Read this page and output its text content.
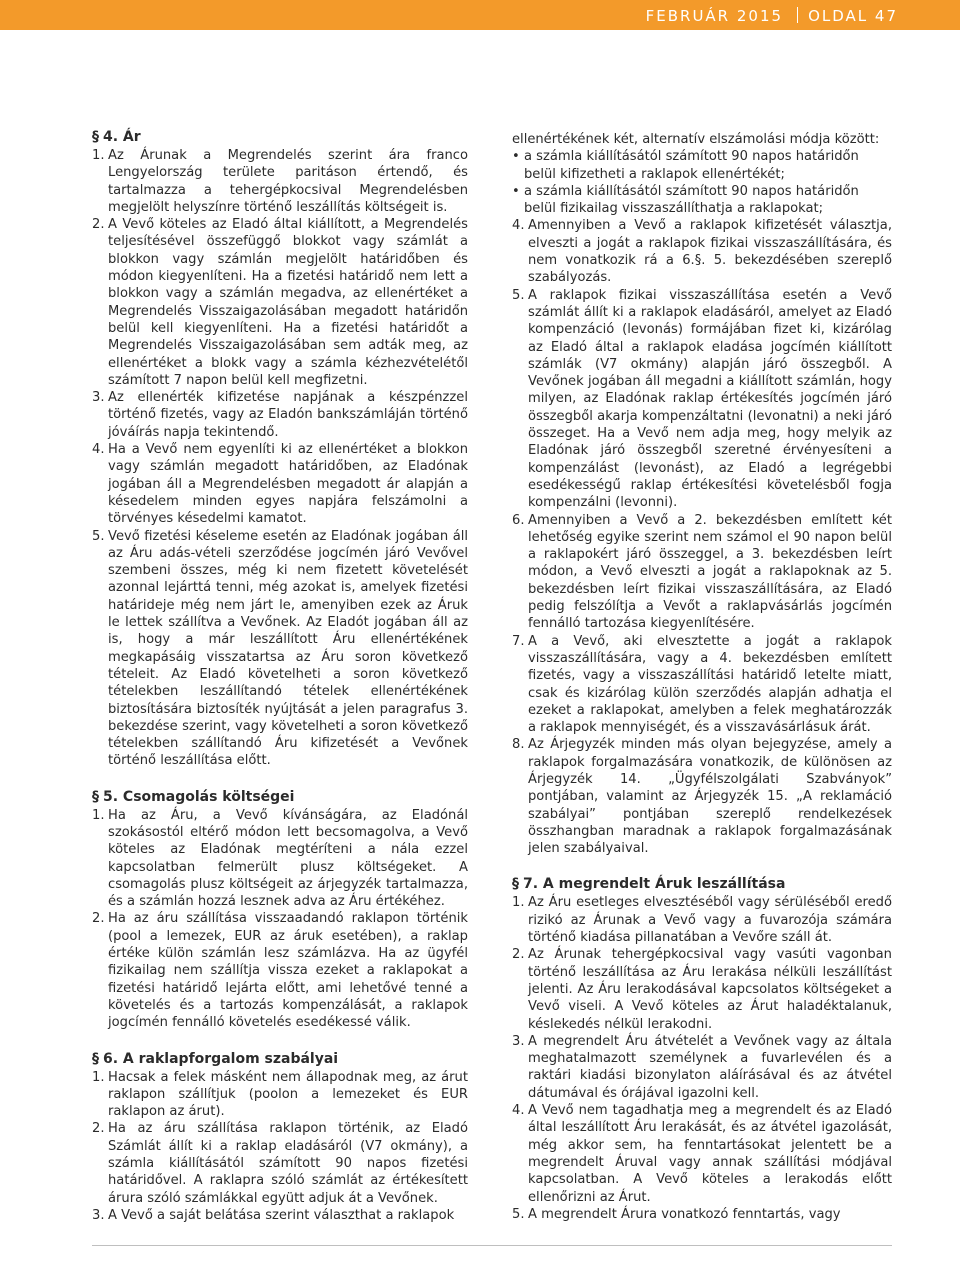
FEBRUÁR 2015 OLDAL 47
§ 4. Ár
1. Az Árunak a Megrendelés szerint ára franco Lengyelország területe paritáson értendő, és tartalmazza a tehergépkocsival Megrendelésben megjelölt helyszínre történő leszállítás költségeit is.
2. A Vevő köteles az Eladó által kiállított, a Megrendelés teljesítésével összefüggő blokkot vagy számlát a blokkon vagy számlán megjelölt határidőben és módon kiegyenlíteni. Ha a fizetési határidő nem lett a blokkon vagy a számlán megadva, az ellenértéket a Megrendelés Visszaigazolásában megadott határidőn belül kell kiegyenlíteni. Ha a fizetési határidőt a Megrendelés Visszaigazolásában sem adták meg, az ellenértéket a blokk vagy a számla kézhezvételétől számított 7 napon belül kell megfizetni.
3. Az ellenérték kifizetése napjának a készpénzzel történő fizetés, vagy az Eladón bankszámláján történő jóváírás napja tekintendő.
4. Ha a Vevő nem egyenlíti ki az ellenértéket a blokkon vagy számlán megadott határidőben, az Eladónak jogában áll a Megrendelésben megadott ár alapján a késedelem minden egyes napjára felszámolni a törvényes késedelmi kamatot.
5. Vevő fizetési késeleme esetén az Eladónak jogában áll az Áru adás-vételi szerződése jogcímén járó Vevővel szembeni összes, még ki nem fizetett követelését azonnal lejárttá tenni, még azokat is, amelyek fizetési határideje még nem járt le, amenyiben ezek az Áruk le lettek szállítva a Vevőnek. Az Eladót jogában áll az is, hogy a már leszállított Áru ellenértékének megkapásáig visszatartsa az Áru soron következő tételeit. Az Eladó követelheti a soron következő tételekben leszállítandó tételek ellenértékének biztosítására biztosíték nyújtását a jelen paragrafus 3. bekezdése szerint, vagy követelheti a soron következő tételekben szállítandó Áru kifizetését a Vevőnek történő leszállítása előtt.
§ 5. Csomagolás költségei
1. Ha az Áru, a Vevő kívánságára, az Eladónál szokásostól eltérő módon lett becsomagolva, a Vevő köteles az Eladónak megtéríteni a nála ezzel kapcsolatban felmerült plusz költségeket. A csomagolás plusz költségeit az árjegyzék tartalmazza, és a számlán hozzá lesznek adva az Áru értékéhez.
2. Ha az áru szállítása visszaadandó raklapon történik (pool a lemezek, EUR az áruk esetében), a raklap értéke külön számlán lesz számlázva. Ha az ügyfél fizikailag nem szállítja vissza ezeket a raklapokat a fizetési határidő lejárta előtt, ami lehetővé tenné a követelés és a tartozás kompenzálását, a raklapok jogcímén fennálló követelés esedékessé válik.
§ 6. A raklapforgalom szabályai
1. Hacsak a felek másként nem állapodnak meg, az árut raklapon szállítjuk (poolon a lemezeket és EUR raklapon az árut).
2. Ha az áru szállítása raklapon történik, az Eladó Számlát állít ki a raklap eladásáról (V7 okmány), a számla kiállításától számított 90 napos fizetési határidővel. A raklapra szóló számlát az értékesített árura szóló számlákkal együtt adjuk át a Vevőnek.
3. A Vevő a saját belátása szerint választhat a raklapok
ellenértékének két, alternatív elszámolási módja között:
• a számla kiállításától számított 90 napos határidőn belül kifizetheti a raklapok ellenértékét;
• a számla kiállításától számított 90 napos határidőn belül fizikailag visszaszállíthatja a raklapokat;
4. Amennyiben a Vevő a raklapok kifizetését választja, elveszti a jogát a raklapok fizikai visszaszállítására, és nem vonatkozik rá a 6.§. 5. bekezdésében szereplő szabályozás.
5. A raklapok fizikai visszaszállítása esetén a Vevő számlát állít ki a raklapok eladásáról, amelyet az Eladó kompenzáció (levonás) formájában fizet ki, kizárólag az Eladó által a raklapok eladása jogcímén kiállított számlák (V7 okmány) alapján járó összegből. A Vevőnek jogában áll megadni a kiállított számlán, hogy milyen, az Eladónak raklap értékesítés jogcímén járó összegből akarja kompenzáltatni (levonatni) a neki járó összeget. Ha a Vevő nem adja meg, hogy melyik az Eladónak járó összegből szeretné érvényesíteni a kompenzálást (levonást), az Eladó a legrégebbi esedékességű raklap értékesítési követelésből fogja kompenzálni (levonni).
6. Amennyiben a Vevő a 2. bekezdésben említett két lehetőség egyike szerint nem számol el 90 napon belül a raklapokért járó összeggel, a 3. bekezdésben leírt módon, a Vevő elveszti a jogát a raklapoknak az 5. bekezdésben leírt fizikai visszaszállítására, az Eladó pedig felszólítja a Vevőt a raklapvásárlás jogcímén fennálló tartozása kiegyenlítésére.
7. A a Vevő, aki elvesztette a jogát a raklapok visszaszállítására, vagy a 4. bekezdésben említett fizetés, vagy a visszaszállítási határidő letelte miatt, csak és kizárólag külön szerződés alapján adhatja el ezeket a raklapokat, amelyben a felek meghatározzák a raklapok mennyiségét, és a visszavásárlásuk árát.
8. Az Árjegyzék minden más olyan bejegyzése, amely a raklapok forgalmazására vonatkozik, de különösen az Árjegyzék 14. „Ügyfélszolgálati Szabványok” pontjában, valamint az Árjegyzék 15. „A reklamáció szabályai” pontjában szereplő rendelkezések összhangban maradnak a raklapok forgalmazásának jelen szabályaival.
§ 7. A megrendelt Áruk leszállítása
1. Az Áru esetleges elvesztéséből vagy sérüléséből eredő rizikó az Árunak a Vevő vagy a fuvarozója számára történő kiadása pillanatában a Vevőre száll át.
2. Az Árunak tehergépkocsival vagy vasúti vagonban történő leszállítása az Áru lerakása nélküli leszállítást jelenti. Az Áru lerakodásával kapcsolatos költségeket a Vevő viseli. A Vevő köteles az Árut haladéktalanuk, késlekedés nélkül lerakodni.
3. A megrendelt Áru átvételét a Vevőnek vagy az általa meghatalmazott személynek a fuvarlevélen és a raktári kiadási bizonylaton aláírásával és az átvétel dátumával és órájával igazolni kell.
4. A Vevő nem tagadhatja meg a megrendelt és az Eladó által leszállított Áru lerakását, és az átvétel igazolását, még akkor sem, ha fenntartásokat jelentett be a megrendelt Áruval vagy annak szállítási módjával kapcsolatban. A Vevő köteles a lerakodás előtt ellenőrizni az Árut.
5. A megrendelt Árura vonatkozó fenntartás, vagy
